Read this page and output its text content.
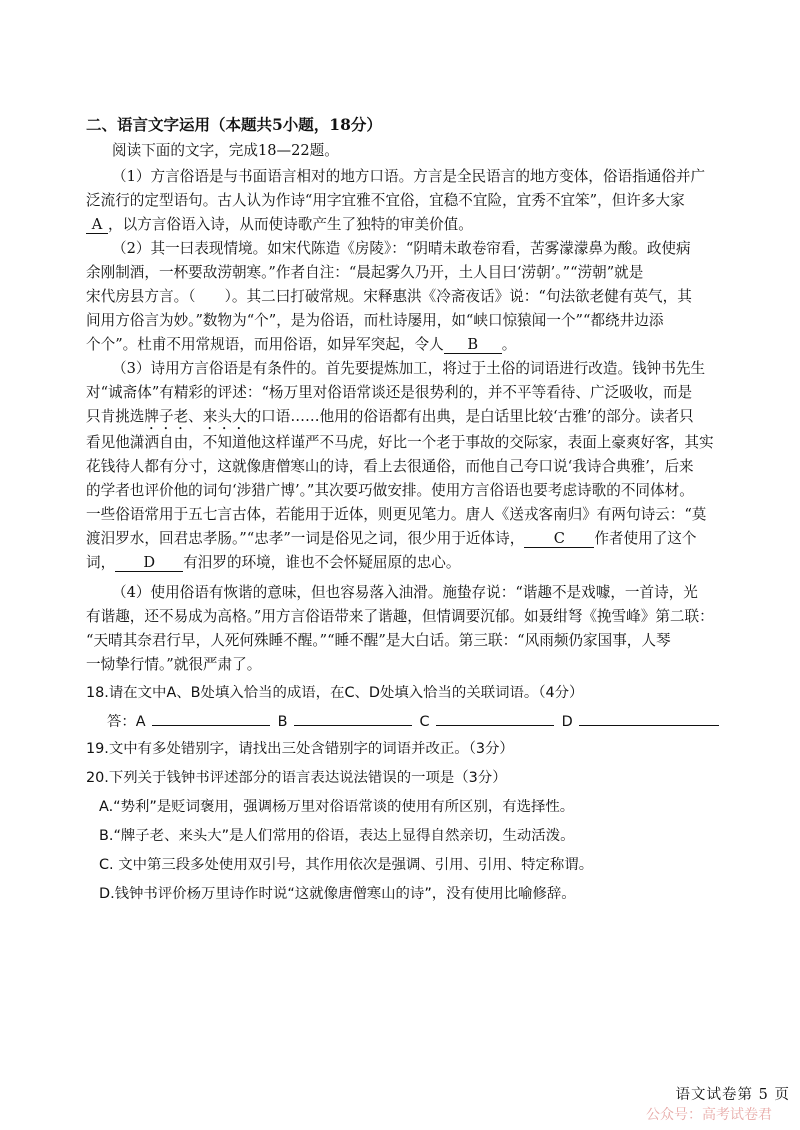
二、语言文字运用（本题共5小题，18分）
阅读下面的文字，完成18—22题。
（1）方言俗语是与书面语言相对的地方口语。方言是全民语言的地方变体，俗语指通俗并广
泛流行的定型语句。古人认为作诗“用字宜雅不宜俗，宜稳不宜险，宜秀不宜笨”，但许多大家
A ，以方言俗语入诗，从而使诗歌产生了独特的审美价值。
（2）其一曰表现情境。如宋代陈造《房陵》：“阴晴未敢卷帘看，苦雾濛濛鼻为酸。政使病
余刚制酒，一杯要敌涝朝寒。”作者自注：“晨起雾久乃开，土人目曰‘涝朝’。”“涝朝”就是
宋代房县方言。（　　）。其二曰打破常规。宋释惠洪《冷斋夜话》说：“句法欲老健有英气，其
间用方俗言为妙。”数物为“个”，是为俗语，而杜诗屡用，如“峡口惊猿闻一个”“都绕井边添
个个”。杜甫不用常规语，而用俗语，如异军突起，令人 B 。
（3）诗用方言俗语是有条件的。首先要提炼加工，将过于土俗的词语进行改造。钱钟书先生
对“诚斋体”有精彩的评述：“杨万里对俗语常谈还是很势利的，并不平等看待、广泛吸收，而是
只肯挑选牌子老、来头大的口语……他用的俗语都有出典，是白话里比较‘古雅’的部分。读者只
看见他潇洒自由，不知道他这样谨严不马虎，好比一个老于事故的交际家，表面上豪爽好客，其实
花钱待人都有分寸，这就像唐僧寒山的诗，看上去很通俗，而他自己夸口说‘我诗合典雅’，后来
的学者也评价他的词句‘涉猎广博’。”其次要巧做安排。使用方言俗语也要考虑诗歌的不同体材。
一些俗语常用于五七言古体，若能用于近体，则更见笔力。唐人《送戎客南归》有两句诗云：“莫
渡汨罗水，回君忠孝肠。”“忠孝”一词是俗见之词，很少用于近体诗， C 作者使用了这个
词， D 有汨罗的环境，谁也不会怀疑屈原的忠心。
（4）使用俗语有恢谐的意味，但也容易落入油滑。施蛰存说：“谐趣不是戏噱，一首诗，光
有谐趣，还不易成为高格。”用方言俗语带来了谐趣，但情调要沉郁。如聂绀弩《挽雪峰》第二联：
“天晴其奈君行早，人死何殊睡不醒。”“睡不醒”是大白话。第三联：“风雨频仍家国事，人琴
一恸挚行情。”就很严肃了。
18.请在文中A、B处填入恰当的成语，在C、D处填入恰当的关联词语。（4分）
答：A	B	C	D
19.文中有多处错别字，请找出三处含错别字的词语并改正。（3分）
20.下列关于钱钟书评述部分的语言表达说法错误的一项是（3分）
A.“势利”是贬词褒用，强调杨万里对俗语常谈的使用有所区别，有选择性。
B.“牌子老、来头大”是人们常用的俗语，表达上显得自然亲切，生动活泼。
C. 文中第三段多处使用双引号，其作用依次是强调、引用、引用、特定称谓。
D.钱钟书评价杨万里诗作时说“这就像唐僧寒山的诗”，没有使用比喻修辞。
语文试卷第 5 页
公众号：高考试卷君
